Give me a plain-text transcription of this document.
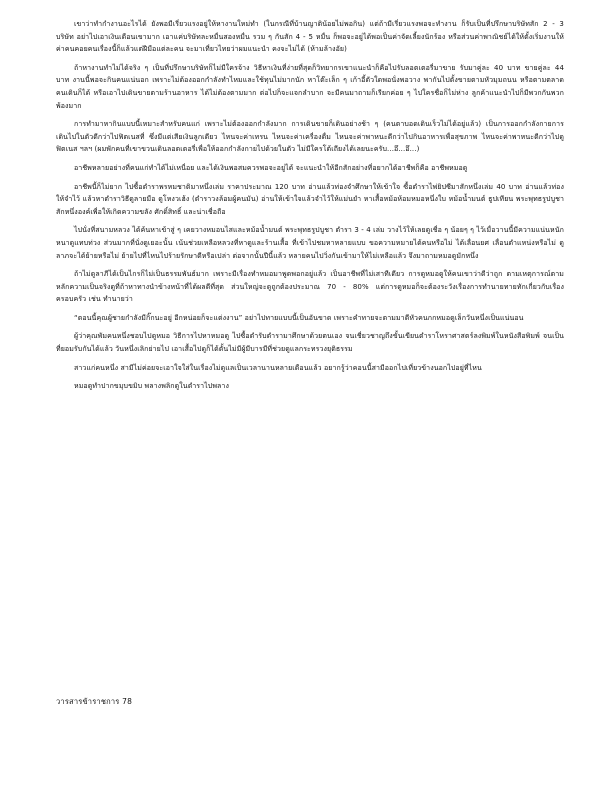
เขาว่าทำกำงานอะไรได้ ยังพอมีเรี่ยวแรงอยู่ให้หางานใหม่ทำ (ในกรณีที่บ้านญาติน้อยไม่พอกิน) แต่ถ้ามีเรี่ยวแรงพอจะทำงาน ก็รับเป็นที่ปรึกษาบริษัทสัก 2 - 3 บริษัท อย่าไปเอาเงินเดือนเขามาก เอาแค่บริษัทละหมื่นสองหมื่น รวม ๆ กันสัก 4 - 5 หมื่น ก็พอจะอยู่ได้พอเป็นค่าจัดเลี้ยงนักร้อง หรือส่วนค่าพาณิชย์ได้ให้ตั้งเริ่มงานให้ค่าคนคอยคนเรื่องนี้ก็แล้วแต่ฝีมือแต่ละคน จะมาเที่ยวไทยว่าผมแนะนำ คงจะไม่ได้ (ห้ามล้างอัย)

ถ้าหางานทำไม่ได้จริง ๆ เป็นที่ปรึกษาบริษัทก็ไม่มีใครจ้าง วิธีหาเงินที่ง่ายที่สุดก็วิทยากรเขาแนะนำก็คือไปรับลอตเตอรี่มาขาย รับมาคู่ละ 40 บาท ขายคู่ละ 44 บาท งานนี้พอจะกินคนแน่นอก เพราะไม่ต้องออกกำลังทำไหมและใช้ทุนไม่มากนัก หาโต๊ะเล็ก ๆ เก้าอี้ตัวใดพอนั่งพอวาง พากันไปตั้งขายตามหัวมุมถนน หรือตามตลาดคนเดินก็ได้ หรือเอาไปเดินขายตามร้านอาหาร ได้ไม่ต้องตามมาก ต่อไปก็จะแจกลำบาก จะมีคนมาถามก็เรียกค่อย ๆ ไปใครชื่อก็ไม่ห่าง ลูกค้าแนะนำไปก็มีพวกกันพวกพ้องมาก

การทำมาหากินแบบนี้เหมาะสำหรับคนแก่ เพราะไม่ต้องออกกำลังมาก การเดินขายก็เดินอย่างช้า ๆ (คนตาบอดเดินเร็วไม่ได้อยู่แล้ว) เป็นการออกกำลังกายการเดินไปในตัวดีกว่าไปฟิตเนสที่ ซึ่งมีแต่เสียเงินลูกเดียว ไหนจะค่าเทรน ไหนจะค่าเครื่องดื่ม ไหนจะค่าพาหนะดีกว่าไปกินอาหารเพื่อสุขภาพ ไหนจะค่าพาหนะดีกว่าไปดูฟิตเนส ฯลฯ (ผมพักคนที่เขาขวนเดินลอตเตอรี่เพื่อให้ออกกำลังกายไปด้วยในตัว ไม่มีใครโต้เถียงได้เลยนะครับ...อึ...อึ...)

อาชีพหลายอย่างที่คนแก่ทำได้ไม่เหนื่อย และได้เงินพอสมควรพอจะอยู่ได้ จะแนะนำให้อีกสักอย่างที่อยากได้อาชีพก็คือ อาชีพหมอดู

อาชีพนี้ก็ไม่ยาก ไปซื้อตำราพรหมชาติมาหนึ่งเล่ม ราคาประมาณ 120 บาท อ่านแล้วท่องจำศึกษาให้เข้าใจ ซื้อตำราไพ่ยิปซีมาสักหนึ่งเล่ม 40 บาท อ่านแล้วท่องให้จำไว้ แล้วหาตำราวิธีดูลายมือ ดูโหงวเฮ้ง (ตำราวงล้อมผู้คนมัน) อ่านให้เข้าใจแล้วจำไว้ให้แม่นยำ หาเสื้อหม้อห้อมหมอหนึ่งใบ หม้อน้ำมนต์ ธูปเทียน พระพุทธรูปบูชาสักหนึ่งองค์เพื่อให้เกิดความขลัง ศักดิ์สิทธิ์ และน่าเชื่อถือ

ไปนั่งที่สนามหลวง ได้ค้นหาเข้าสู่ ๆ เคยวางหมอนไสและหม้อน้ำมนต์ พระพุทธรูปบูชา ตำรา 3 - 4 เล่ม วางไว้ให้เลยดูเชื่อ ๆ น้อยๆ ๆ ไว้เมื่อวานนี้มีความแน่นหนักหนาดูแทบท่วง ส่วนมากที่นั่งดูเยอะนั้น เน้นช่วยเหลือหลวงที่หาดูและร้านเสื้อ ที่เข้าไปชมหาหลายแบบ ขอความหมายได้คนหรือไม่ ได้เลื่อนยศ เลื่อนตำแหน่งหรือไม่ ดูลาภจะได้ย้ายหรือไม่ ย้ายไปที่ไหนไปร้ายรักษาดีหรือเปล่า ต่อจากนั้นปีนี้แล้ว หลายคนไปวิ่งกันเข้ามาให้ไม่เหลือแล้ว จึงมาถามหมอดูมักหนึ่ง

ถ้าไม่ดูลาภีได้เป็นไกรก็ไม่เป็นธรรมพันธ์มาก เพราะมีเรื่องทำหมอมาพูดพอกอยู่แล้ว เป็นอาชีพที่ไม่เสาทีเดียว การดูหมอดูให้คนเขาว่าดีว่าถูก ตามเหตุการณ์ตามหลักความเป็นจริงดูที่ถ้าหาทางนำข้างหน้าที่ได้ผลดีที่สุด ส่วนใหญ่จะดูถูกต้องประมาณ 70 - 80% แต่การดูหมอก็จะต้องระวังเรื่องการทำนายทายทักเกี่ยวกับเรื่องครอบครัว เช่น ทำนายว่า

“ตอนนี้คุณผู้ชายกำลังมีกิ๊กนะอยู่ อีกหน่อยก็จะแต่งงาน” อย่าไปทายแบบนี้เป็นอันขาด เพราะคำทายจะตามมาดีหัวคนกกหมอดูเล็กวันหนึ่งเป็นแน่นอน

ผู้ว่าคุณพัมคนหนึ่งชอบไปดูหมอ วิธีการไปหาหมอดู ไปซื้อตำรับตำรามาศึกษาด้วยตนเอง จนเชี่ยวชาญถึงขั้นเขียนตำราโหราศาสตร์ลงพิมพ์ในหนังสือพิมพ์ จนเป็นที่ยอมรับกันได้แล้ว วันหนึ่งเลิกย่ายไป เอาเสื้อไปดูก็ได้ตั้นไม่มีผู้มีบารมีที่ช่วยดูแลกระทรวงยุติธรรม

สาวแก่คนหนึ่ง สามีไม่ค่อยจะเอาใจใส่ในเรื่องไม่ดูแลเป็นเวลานานหลายเดือนแล้ว อยากรู้ว่าคอนนี้สามีออกไปเที่ยวข้างนอกไปอยู่ที่ไหน

หมอดูทำปากขมุบขมิบ พลางพลิกดูในตำราไปพลาง

วารสารข้าราชการ 78
